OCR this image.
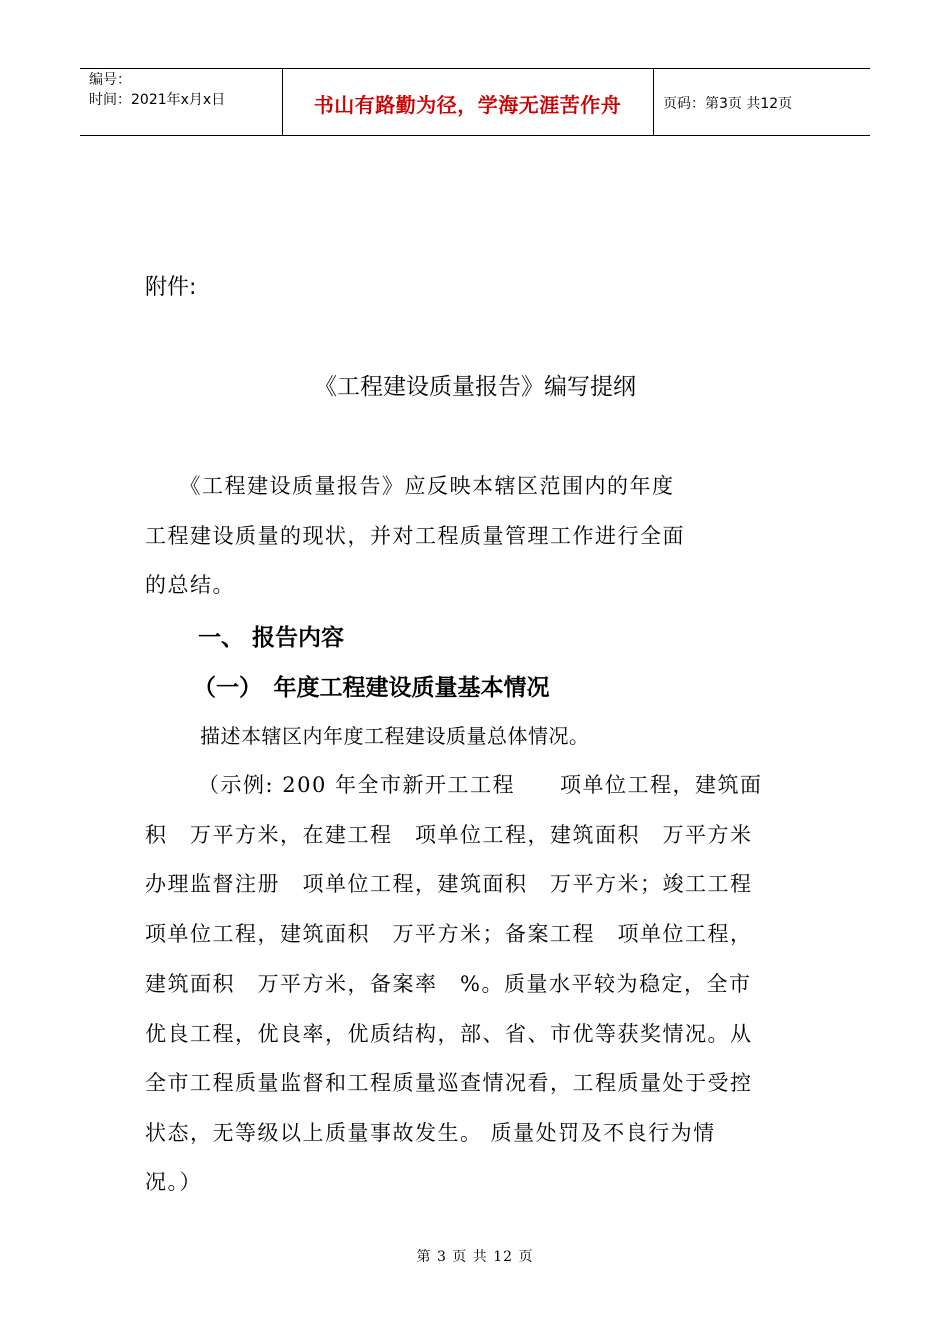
编号：
时间：2021年x月x日	书山有路勤为径，学海无涯苦作舟	页码：第3页 共12页
附件:
《工程建设质量报告》编写提纲
　　《工程建设质量报告》应反映本辖区范围内的年度
工程建设质量的现状，并对工程质量管理工作进行全面
的总结。
一、 报告内容
（一）　年度工程建设质量基本情况
描述本辖区内年度工程建设质量总体情况。
（示例: 200 年全市新开工工程　　项单位工程，建筑面
积　万平方米，在建工程　项单位工程，建筑面积　万平方米
办理监督注册　项单位工程，建筑面积　万平方米；竣工工程
项单位工程，建筑面积　万平方米；备案工程　项单位工程，
建筑面积　万平方米，备案率　%。质量水平较为稳定，全市
优良工程，优良率，优质结构，部、省、市优等获奖情况。从
全市工程质量监督和工程质量巡查情况看，工程质量处于受控
状态，无等级以上质量事故发生。 质量处罚及不良行为情
况。）
第 3 页 共 12 页
